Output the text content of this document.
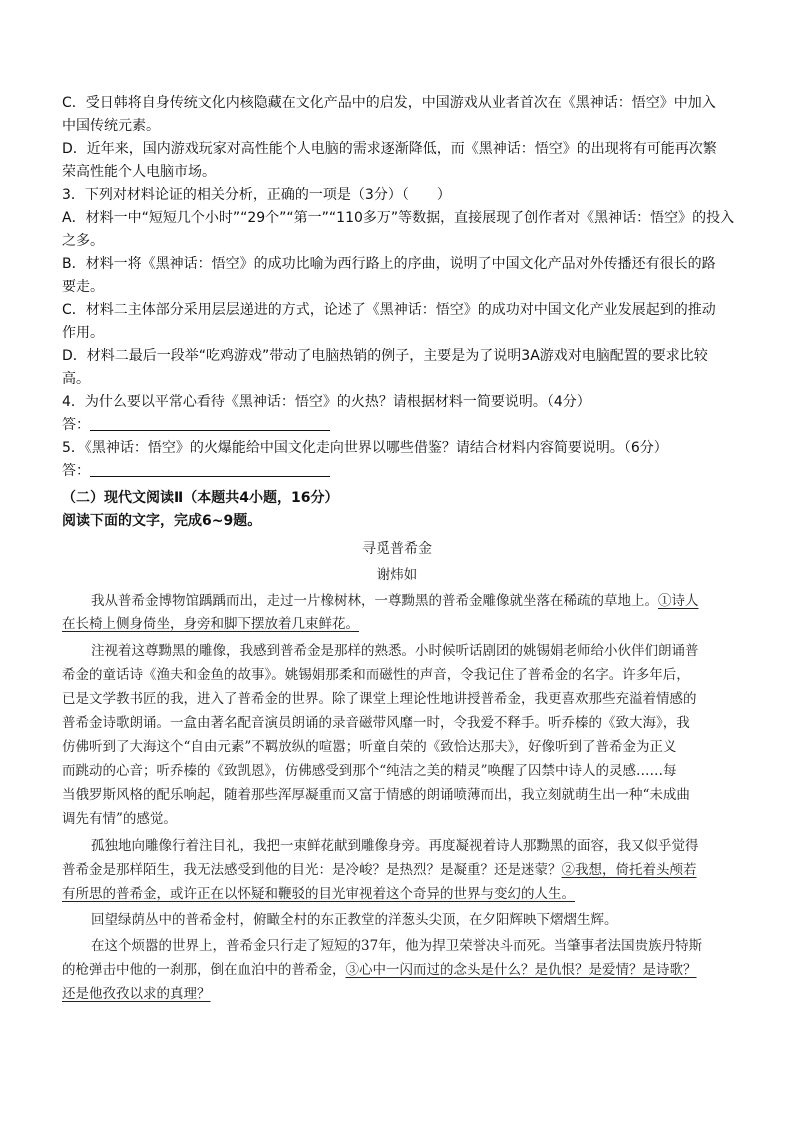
C．受日韩将自身传统文化内核隐藏在文化产品中的启发，中国游戏从业者首次在《黑神话：悟空》中加入
中国传统元素。
D．近年来，国内游戏玩家对高性能个人电脑的需求逐渐降低，而《黑神话：悟空》的出现将有可能再次繁
荣高性能个人电脑市场。
3．下列对材料论证的相关分析，正确的一项是（3分）（　　）
A．材料一中“短短几个小时”“29个”“第一”“110多万”等数据，直接展现了创作者对《黑神话：悟空》的投入
之多。
B．材料一将《黑神话：悟空》的成功比喻为西行路上的序曲，说明了中国文化产品对外传播还有很长的路
要走。
C．材料二主体部分采用层层递进的方式，论述了《黑神话：悟空》的成功对中国文化产业发展起到的推动
作用。
D．材料二最后一段举“吃鸡游戏”带动了电脑热销的例子，主要是为了说明3A游戏对电脑配置的要求比较
高。
4．为什么要以平常心看待《黑神话：悟空》的火热？请根据材料一简要说明。（4分）
答：
5．《黑神话：悟空》的火爆能给中国文化走向世界以哪些借鉴？请结合材料内容简要说明。（6分）
答：
（二）现代文阅读Ⅱ（本题共4小题，16分）
阅读下面的文字，完成6~9题。
寻觅普希金
谢炜如
我从普希金博物馆踽踽而出，走过一片橡树林，一尊黝黑的普希金雕像就坐落在稀疏的草地上。①诗人
在长椅上侧身倚坐，身旁和脚下摆放着几束鲜花。
注视着这尊黝黑的雕像，我感到普希金是那样的熟悉。小时候听话剧团的姚锡娟老师给小伙伴们朗诵普
希金的童话诗《渔夫和金鱼的故事》。姚锡娟那柔和而磁性的声音，令我记住了普希金的名字。许多年后，
已是文学教书匠的我，进入了普希金的世界。除了课堂上理论性地讲授普希金，我更喜欢那些充溢着情感的
普希金诗歌朗诵。一盒由著名配音演员朗诵的录音磁带风靡一时，令我爱不释手。听乔榛的《致大海》，我
仿佛听到了大海这个“自由元素”不羁放纵的喧嚣；听童自荣的《致恰达那夫》，好像听到了普希金为正义
而跳动的心音；听乔榛的《致凯恩》，仿佛感受到那个“纯洁之美的精灵”唤醒了囚禁中诗人的灵感……每
当俄罗斯风格的配乐响起，随着那些浑厚凝重而又富于情感的朗诵喷薄而出，我立刻就萌生出一种“未成曲
调先有情”的感觉。
孤独地向雕像行着注目礼，我把一束鲜花献到雕像身旁。再度凝视着诗人那黝黑的面容，我又似乎觉得
普希金是那样陌生，我无法感受到他的目光：是冷峻？是热烈？是凝重？还是迷蒙？②我想，倚托着头颅若
有所思的普希金，或许正在以怀疑和鞭驳的目光审视着这个奇异的世界与变幻的人生。
回望绿荫丛中的普希金村，俯瞰全村的东正教堂的洋葱头尖顶，在夕阳辉映下熠熠生辉。
在这个烦嚣的世界上，普希金只行走了短短的37年，他为捍卫荣誉决斗而死。当肇事者法国贵族丹特斯
的枪弹击中他的一刹那，倒在血泊中的普希金，③心中一闪而过的念头是什么？是仇恨？是爱情？是诗歌？
还是他孜孜以求的真理？
